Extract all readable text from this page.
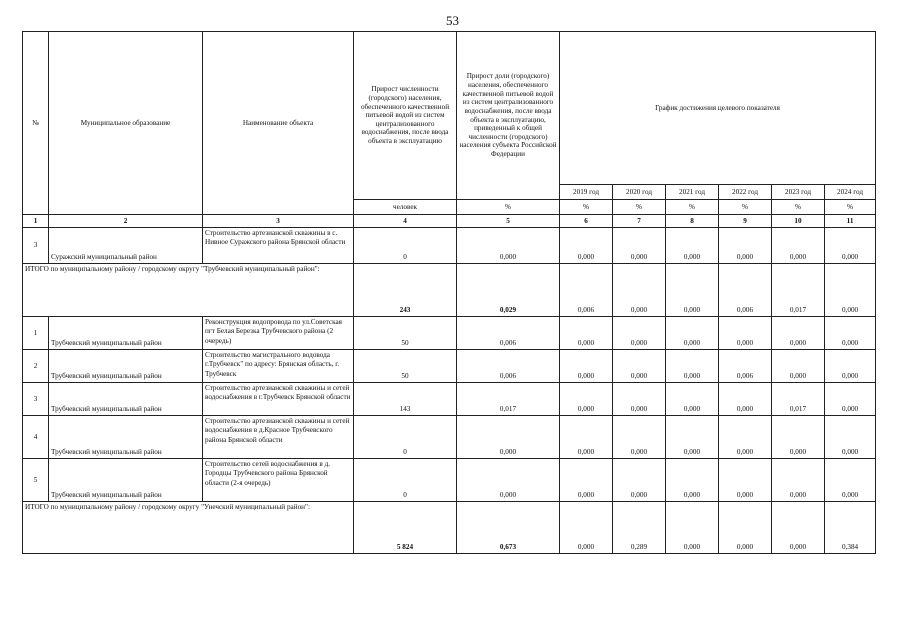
53
№	Муниципальное образование	Наименование объекта	Прирост численности (городского) населения, обеспеченного качественной питьевой водой из систем централизованного водоснабжения, после ввода объекта в эксплуатацию	Прирост доли (городского) населения, обеспеченного качественной питьевой водой из систем централизованного водоснабжения, после ввода объекта в эксплуатацию, приведенный к общей численности (городского) населения субъекта Российской Федерации	График достижения целевого показателя					
					2019 год	2020 год	2021 год	2022 год	2023 год	2024 год
			человек	%	%	%	%	%	%	%
1	2	3	4	5	6	7	8	9	10	11
3	Суражский муниципальный район	Строительство артезианской скважины в с. Нивное Суражского района Брянской области	0	0,000	0,000	0,000	0,000	0,000	0,000	0,000
ИТОГО по муниципальному району / городскому округу "Трубчевский муниципальный район":			243	0,029	0,006	0,000	0,000	0,006	0,017	0,000
1	Трубчевский муниципальный район	Реконструкция водопровода по ул.Советская пгт Белая Березка Трубчевского района (2 очередь)	50	0,006	0,000	0,000	0,000	0,000	0,000	0,000
2	Трубчевский муниципальный район	Строительство магистрального водовода г.Трубчевск" по адресу: Брянская область, г. Трубчевск	50	0,006	0,000	0,000	0,000	0,006	0,000	0,000
3	Трубчевский муниципальный район	Строительство артезианской скважины и сетей водоснабжения в г.Трубчевск Брянской области	143	0,017	0,000	0,000	0,000	0,000	0,017	0,000
4	Трубчевский муниципальный район	Строительство артезианской скважины и сетей водоснабжения в д.Красное Трубчевского района Брянской области	0	0,000	0,000	0,000	0,000	0,000	0,000	0,000
5	Трубчевский муниципальный район	Строительство сетей водоснабжения в д. Городцы Трубчевского района Брянской области (2-я очередь)	0	0,000	0,000	0,000	0,000	0,000	0,000	0,000
ИТОГО по муниципальному району / городскому округу "Унечский муниципальный район":			5 824	0,673	0,000	0,289	0,000	0,000	0,000	0,384
